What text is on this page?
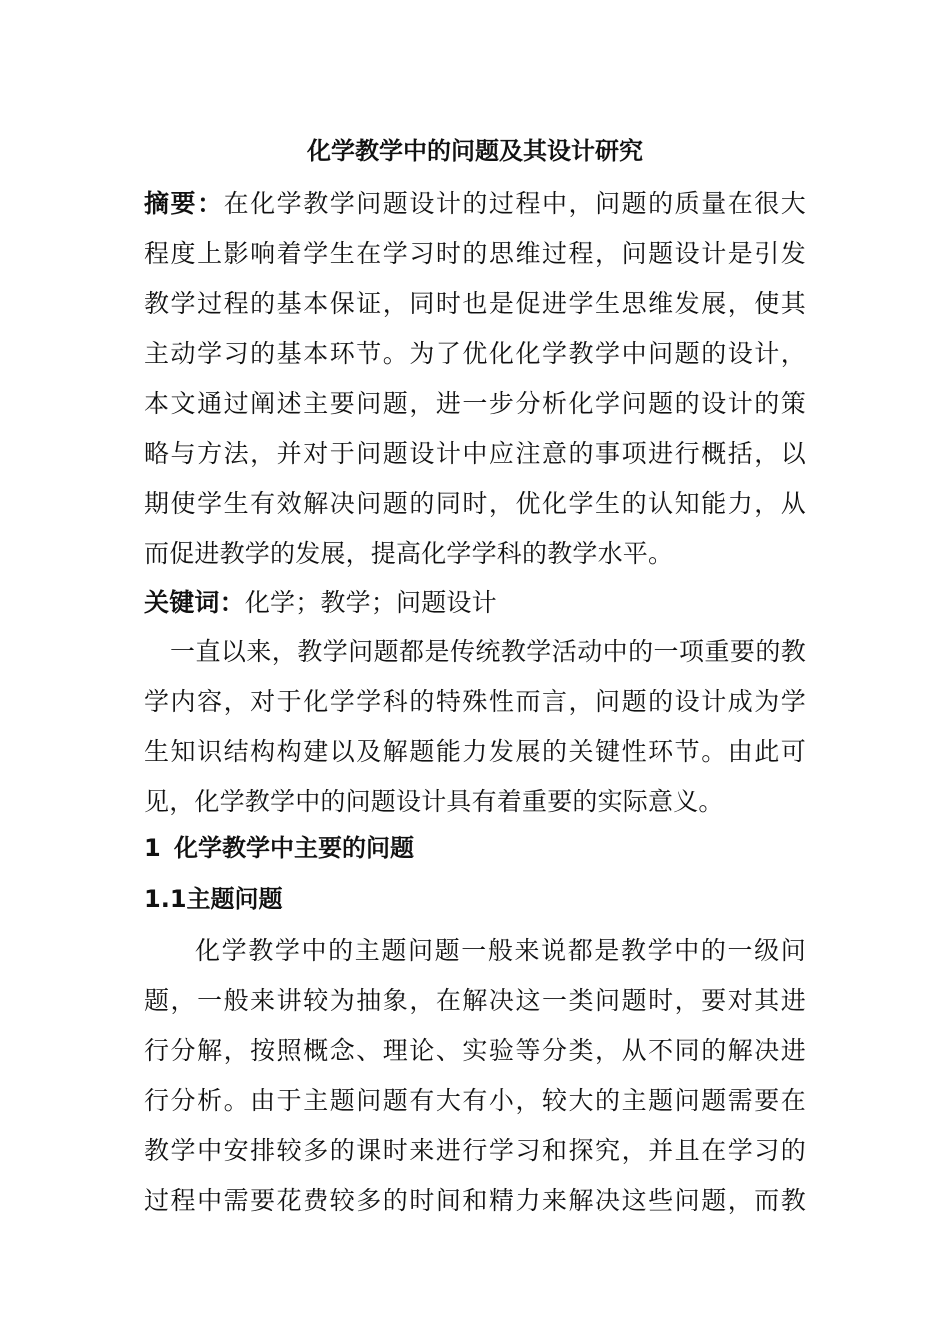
化学教学中的问题及其设计研究
摘要：在化学教学问题设计的过程中，问题的质量在很大
程度上影响着学生在学习时的思维过程，问题设计是引发
教学过程的基本保证，同时也是促进学生思维发展，使其
主动学习的基本环节。为了优化化学教学中问题的设计，
本文通过阐述主要问题，进一步分析化学问题的设计的策
略与方法，并对于问题设计中应注意的事项进行概括，以
期使学生有效解决问题的同时，优化学生的认知能力，从
而促进教学的发展，提高化学学科的教学水平。
关键词：化学；教学；问题设计
一直以来，教学问题都是传统教学活动中的一项重要的教
学内容，对于化学学科的特殊性而言，问题的设计成为学
生知识结构构建以及解题能力发展的关键性环节。由此可
见，化学教学中的问题设计具有着重要的实际意义。
1 化学教学中主要的问题
1.1主题问题
化学教学中的主题问题一般来说都是教学中的一级问
题，一般来讲较为抽象，在解决这一类问题时，要对其进
行分解，按照概念、理论、实验等分类，从不同的解决进
行分析。由于主题问题有大有小，较大的主题问题需要在
教学中安排较多的课时来进行学习和探究，并且在学习的
过程中需要花费较多的时间和精力来解决这些问题，而教
